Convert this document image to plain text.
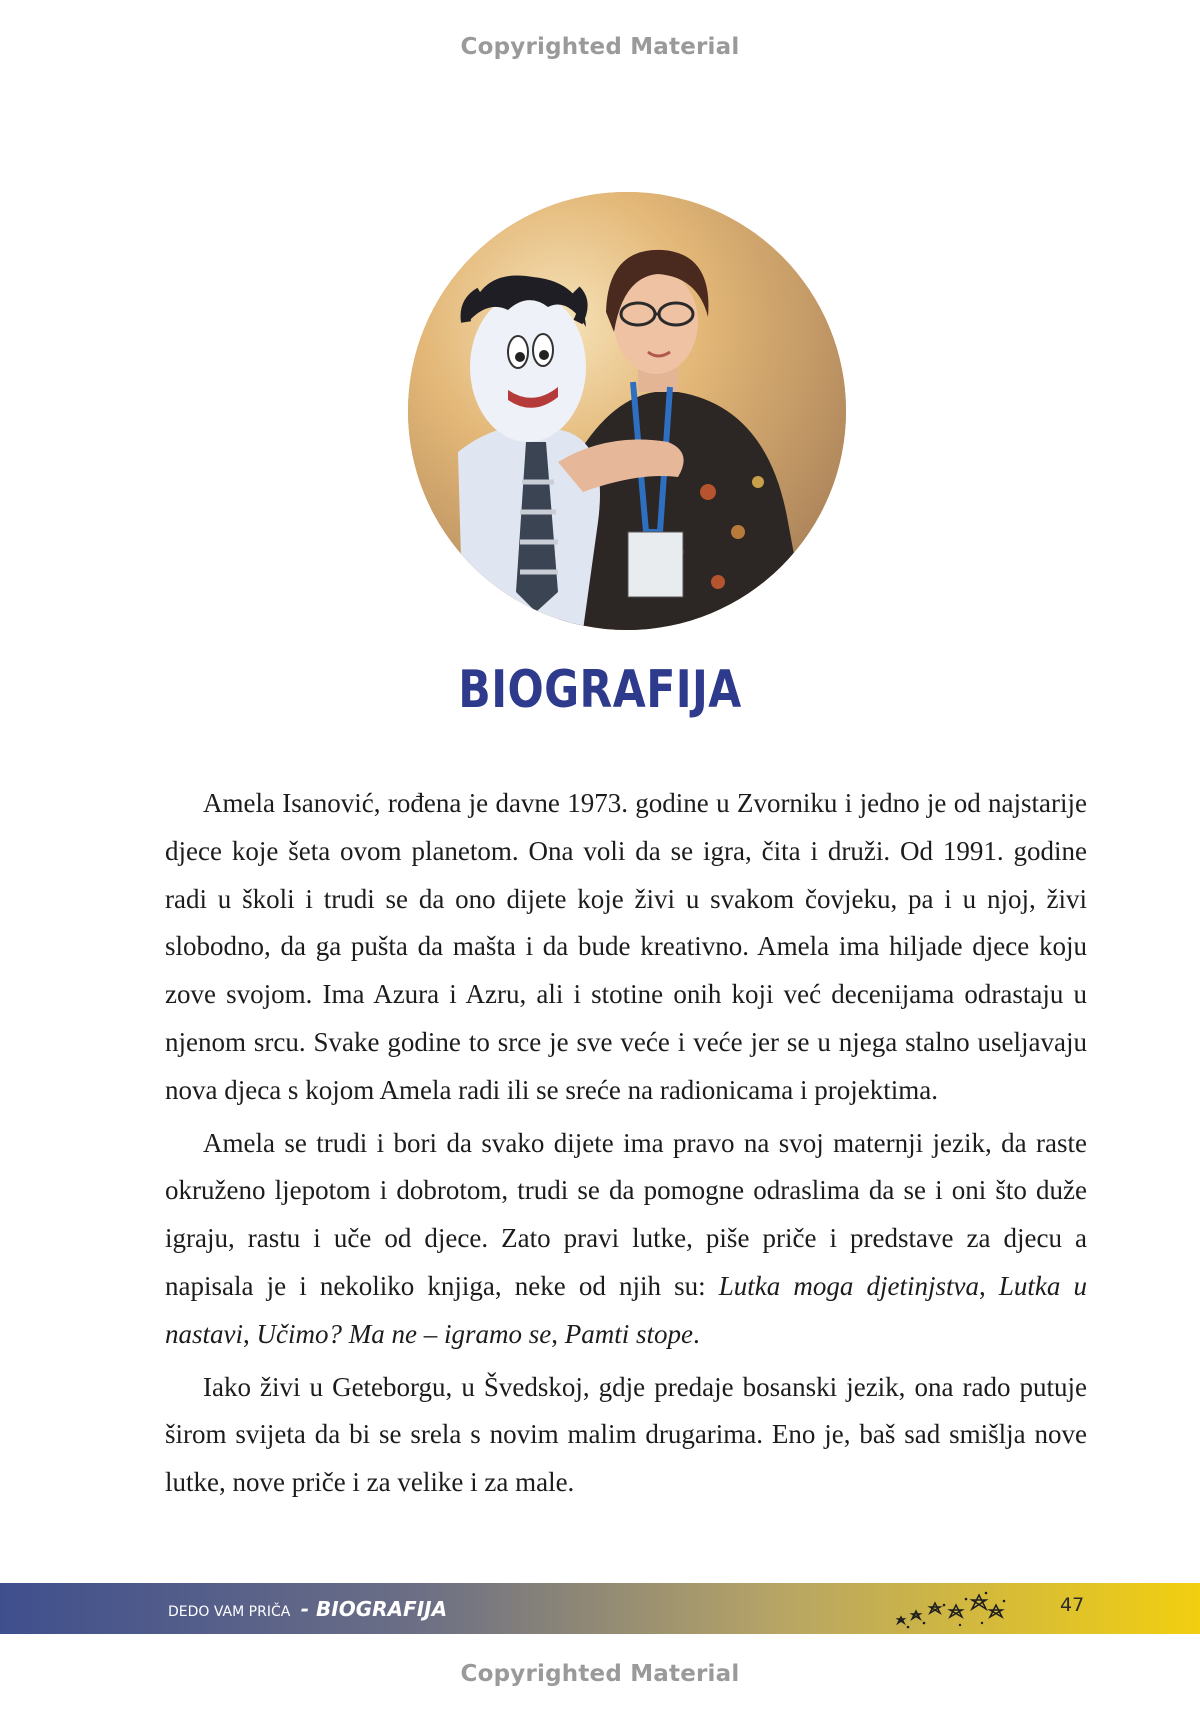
Copyrighted Material
BIOGRAFIJA

Amela Isanović, rođena je davne 1973. godine u Zvorniku i jedno je od najstarije djece koje šeta ovom planetom. Ona voli da se igra, čita i druži. Od 1991. godine radi u školi i trudi se da ono dijete koje živi u svakom čovjeku, pa i u njoj, živi slobodno, da ga pušta da mašta i da bude kreativno. Amela ima hiljade djece koju zove svojom. Ima Azura i Azru, ali i stotine onih koji već decenijama odrastaju u njenom srcu. Svake godine to srce je sve veće i veće jer se u njega stalno useljavaju nova djeca s kojom Amela radi ili se sreće na radionicama i projektima.

Amela se trudi i bori da svako dijete ima pravo na svoj maternji jezik, da raste okruženo ljepotom i dobrotom, trudi se da pomogne odraslima da se i oni što duže igraju, rastu i uče od djece. Zato pravi lutke, piše priče i predstave za djecu a napisala je i nekoliko knjiga, neke od njih su: Lutka moga djetinjstva, Lutka u nastavi, Učimo? Ma ne – igramo se, Pamti stope.

Iako živi u Geteborgu, u Švedskoj, gdje predaje bosanski jezik, ona rado putuje širom svijeta da bi se srela s novim malim drugarima. Eno je, baš sad smišlja nove lutke, nove priče i za velike i za male.

DEDO VAM PRIČA - BIOGRAFIJA	47
Copyrighted Material
